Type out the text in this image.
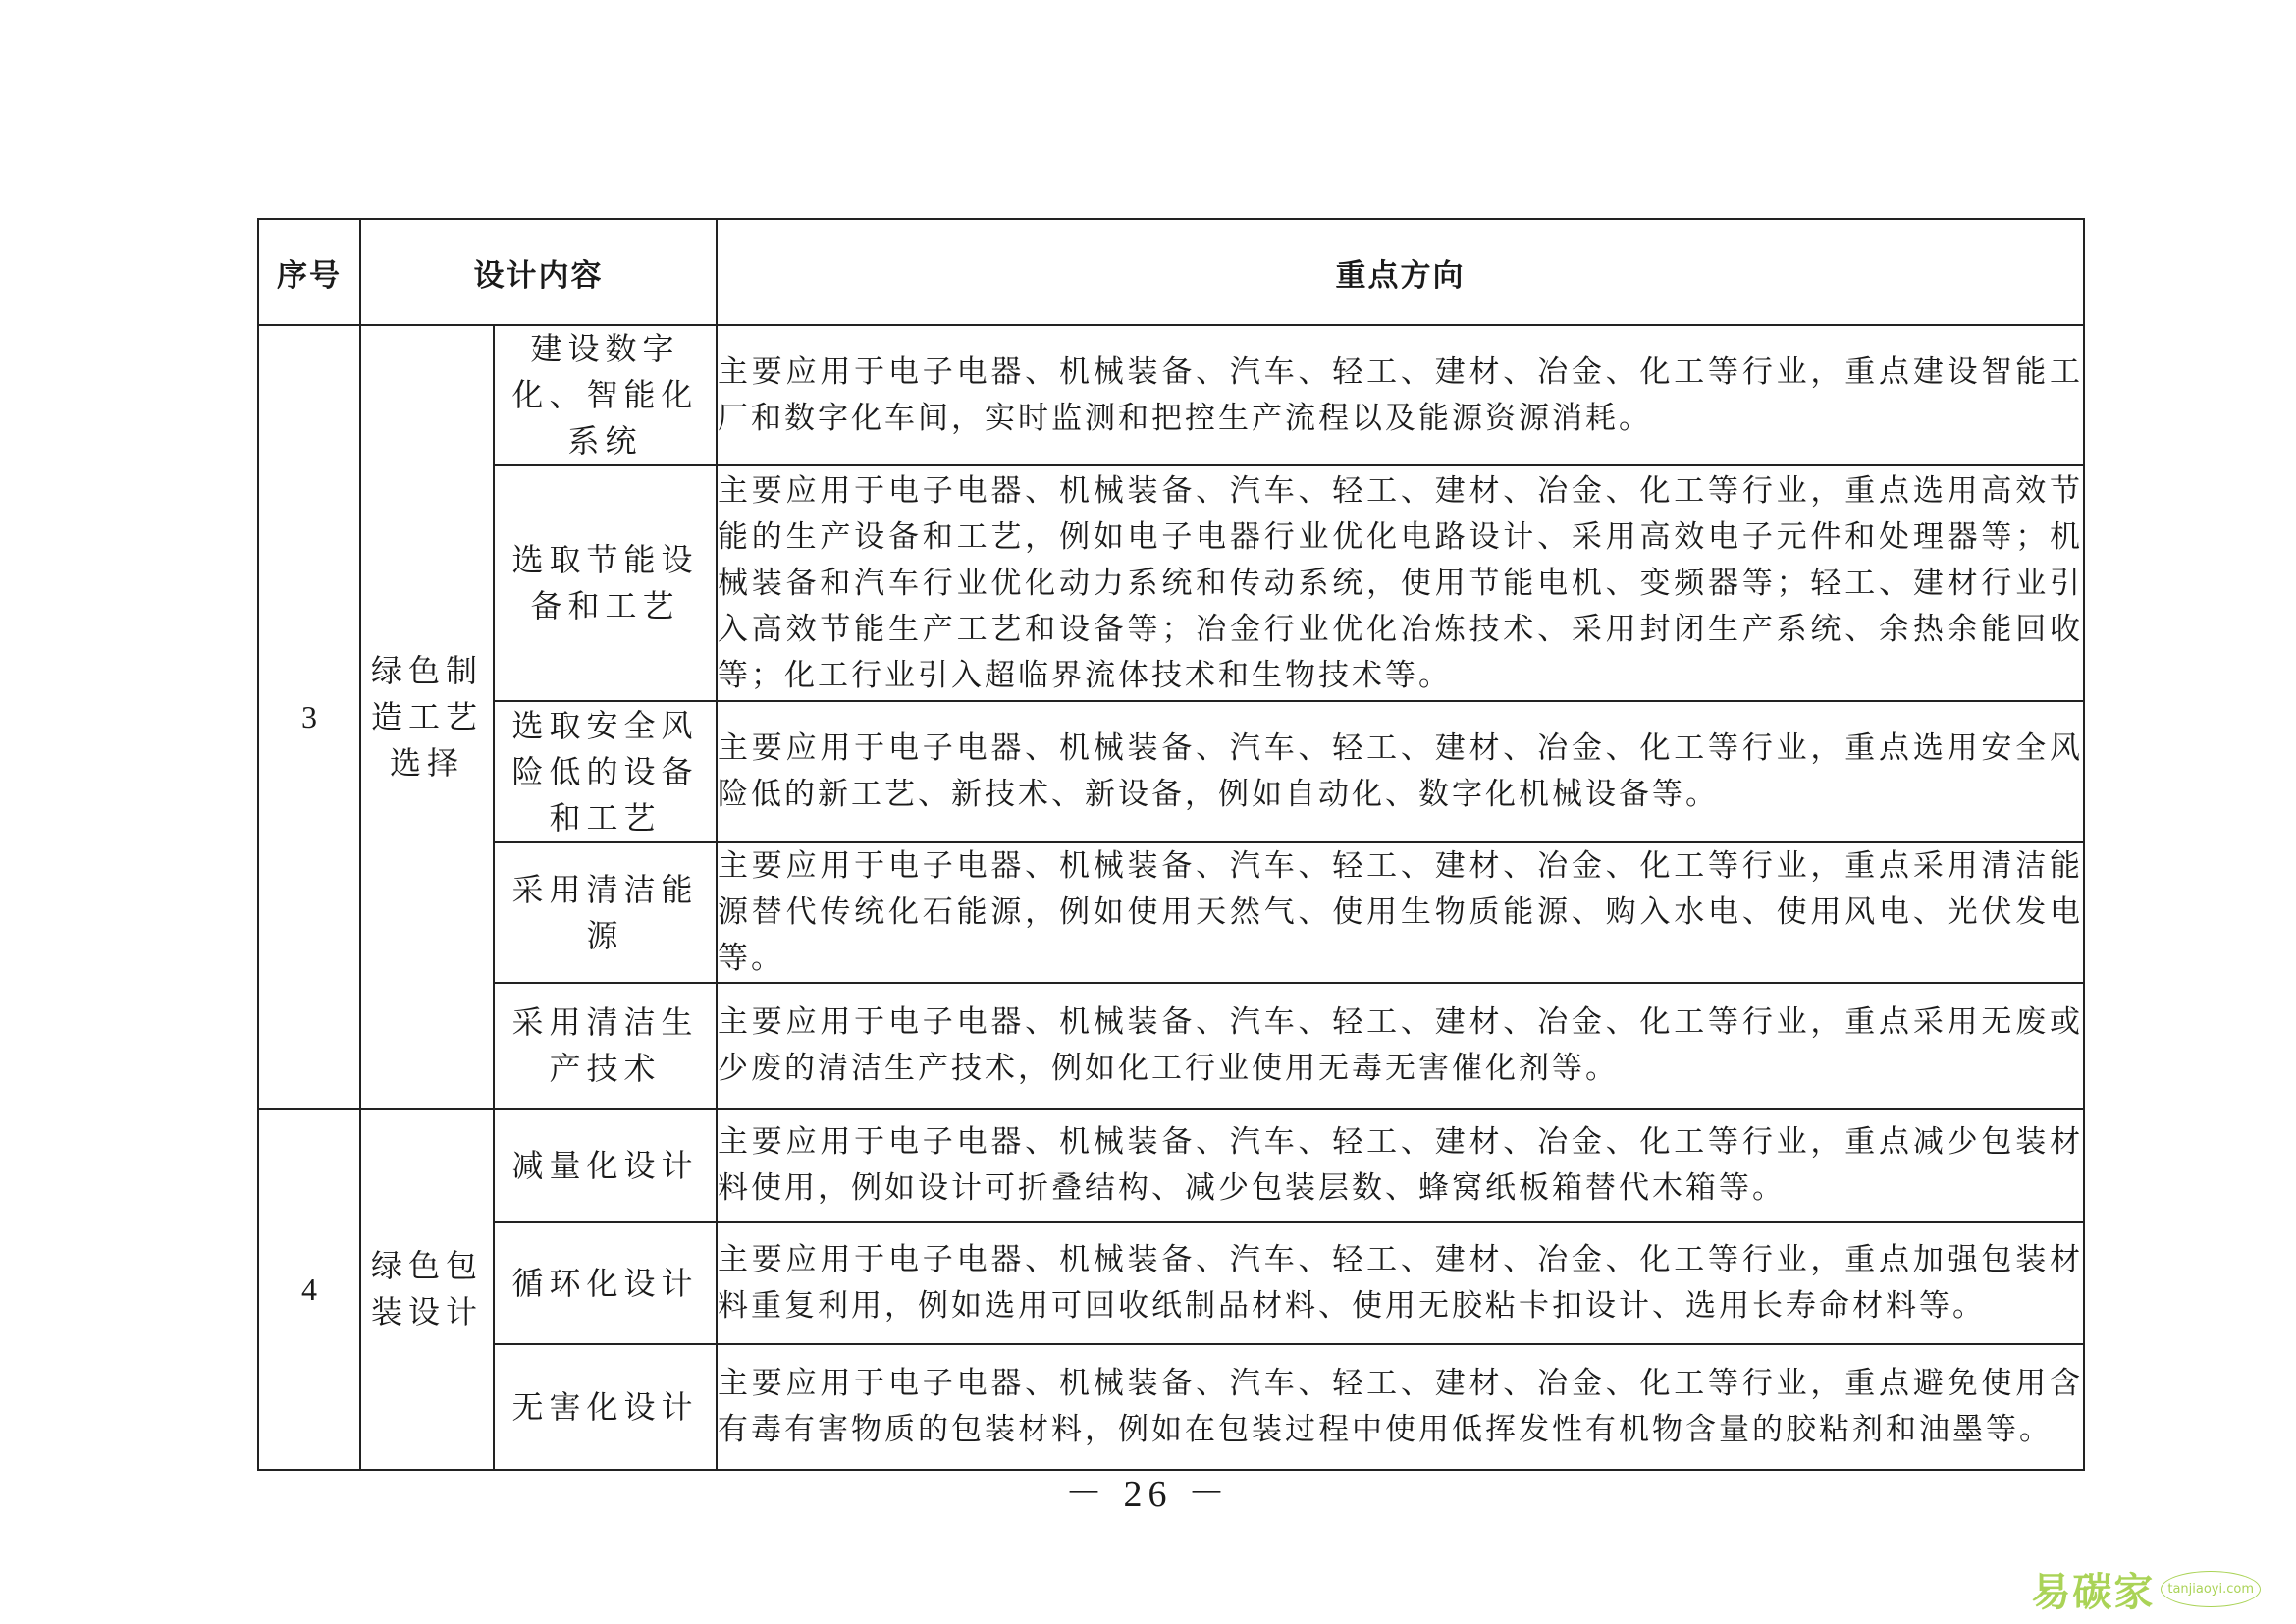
序号	设计内容		重点方向
3	绿色制造工艺选择	建设数字化、智能化系统	主要应用于电子电器、机械装备、汽车、轻工、建材、冶金、化工等行业，重点建设智能工厂和数字化车间，实时监测和把控生产流程以及能源资源消耗。
		选取节能设备和工艺	主要应用于电子电器、机械装备、汽车、轻工、建材、冶金、化工等行业，重点选用高效节能的生产设备和工艺，例如电子电器行业优化电路设计、采用高效电子元件和处理器等；机械装备和汽车行业优化动力系统和传动系统，使用节能电机、变频器等；轻工、建材行业引入高效节能生产工艺和设备等；冶金行业优化冶炼技术、采用封闭生产系统、余热余能回收等；化工行业引入超临界流体技术和生物技术等。
		选取安全风险低的设备和工艺	主要应用于电子电器、机械装备、汽车、轻工、建材、冶金、化工等行业，重点选用安全风险低的新工艺、新技术、新设备，例如自动化、数字化机械设备等。
		采用清洁能源	主要应用于电子电器、机械装备、汽车、轻工、建材、冶金、化工等行业，重点采用清洁能源替代传统化石能源，例如使用天然气、使用生物质能源、购入水电、使用风电、光伏发电等。
		采用清洁生产技术	主要应用于电子电器、机械装备、汽车、轻工、建材、冶金、化工等行业，重点采用无废或少废的清洁生产技术，例如化工行业使用无毒无害催化剂等。
4	绿色包装设计	减量化设计	主要应用于电子电器、机械装备、汽车、轻工、建材、冶金、化工等行业，重点减少包装材料使用，例如设计可折叠结构、减少包装层数、蜂窝纸板箱替代木箱等。
		循环化设计	主要应用于电子电器、机械装备、汽车、轻工、建材、冶金、化工等行业，重点加强包装材料重复利用，例如选用可回收纸制品材料、使用无胶粘卡扣设计、选用长寿命材料等。
		无害化设计	主要应用于电子电器、机械装备、汽车、轻工、建材、冶金、化工等行业，重点避免使用含有毒有害物质的包装材料，例如在包装过程中使用低挥发性有机物含量的胶粘剂和油墨等。
－ 26 －
易碳家	tanjiaoyi.com
